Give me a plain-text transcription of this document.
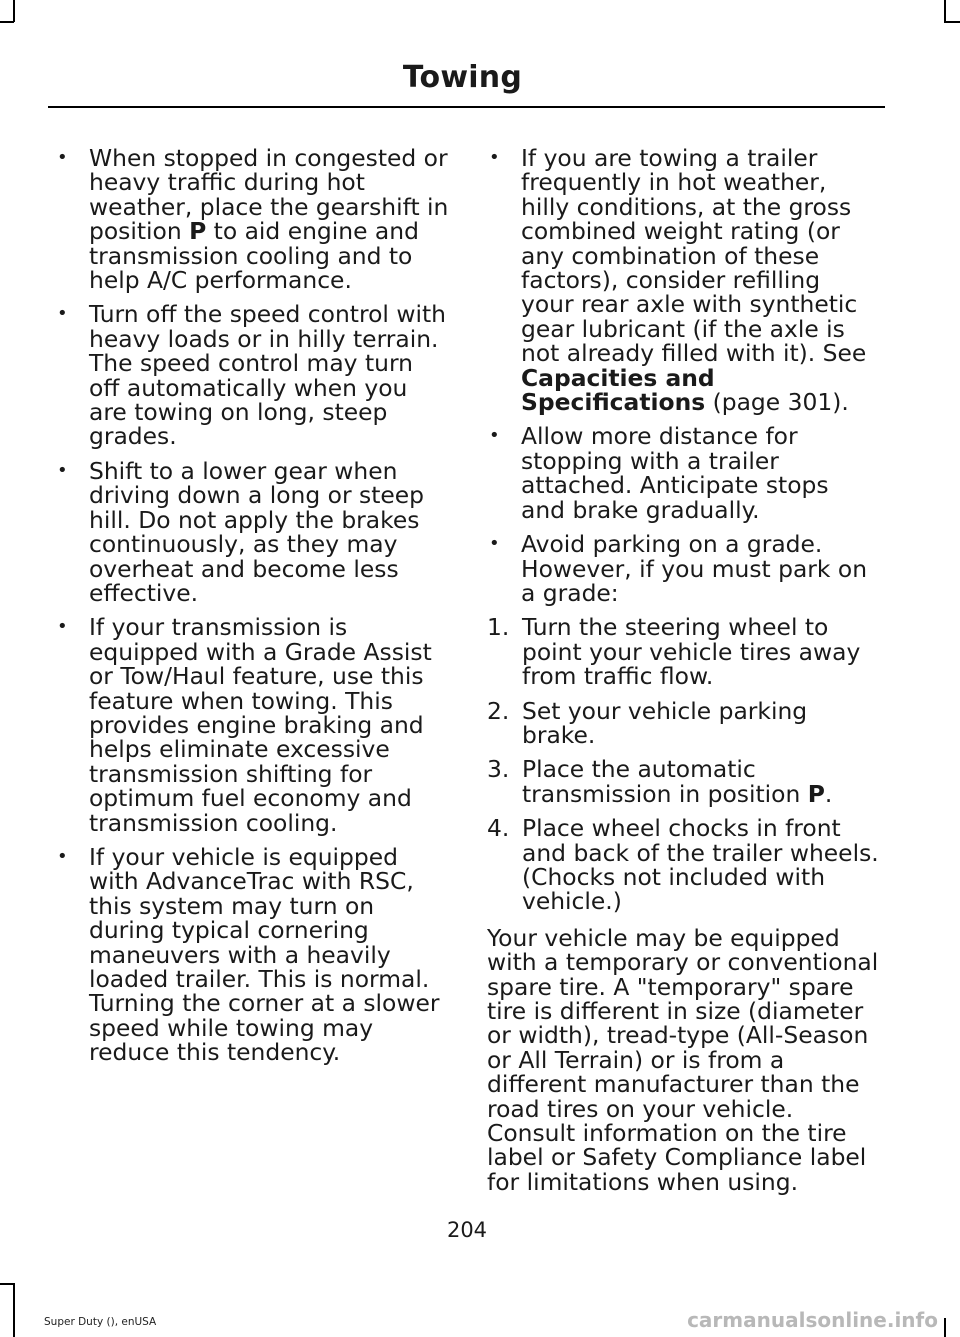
Towing
• When stopped in congested or heavy traffic during hot weather, place the gearshift in position P to aid engine and transmission cooling and to help A/C performance.
• Turn off the speed control with heavy loads or in hilly terrain. The speed control may turn off automatically when you are towing on long, steep grades.
• Shift to a lower gear when driving down a long or steep hill. Do not apply the brakes continuously, as they may overheat and become less effective.
• If your transmission is equipped with a Grade Assist or Tow/Haul feature, use this feature when towing. This provides engine braking and helps eliminate excessive transmission shifting for optimum fuel economy and transmission cooling.
• If your vehicle is equipped with AdvanceTrac with RSC, this system may turn on during typical cornering maneuvers with a heavily loaded trailer. This is normal. Turning the corner at a slower speed while towing may reduce this tendency.
• If you are towing a trailer frequently in hot weather, hilly conditions, at the gross combined weight rating (or any combination of these factors), consider refilling your rear axle with synthetic gear lubricant (if the axle is not already filled with it). See Capacities and Specifications (page 301).
• Allow more distance for stopping with a trailer attached. Anticipate stops and brake gradually.
• Avoid parking on a grade. However, if you must park on a grade:
1. Turn the steering wheel to point your vehicle tires away from traffic flow.
2. Set your vehicle parking brake.
3. Place the automatic transmission in position P.
4. Place wheel chocks in front and back of the trailer wheels. (Chocks not included with vehicle.)
Your vehicle may be equipped with a temporary or conventional spare tire. A "temporary" spare tire is different in size (diameter or width), tread-type (All-Season or All Terrain) or is from a different manufacturer than the road tires on your vehicle. Consult information on the tire label or Safety Compliance label for limitations when using.
204
Super Duty (), enUSA	carmanualsonline.info
